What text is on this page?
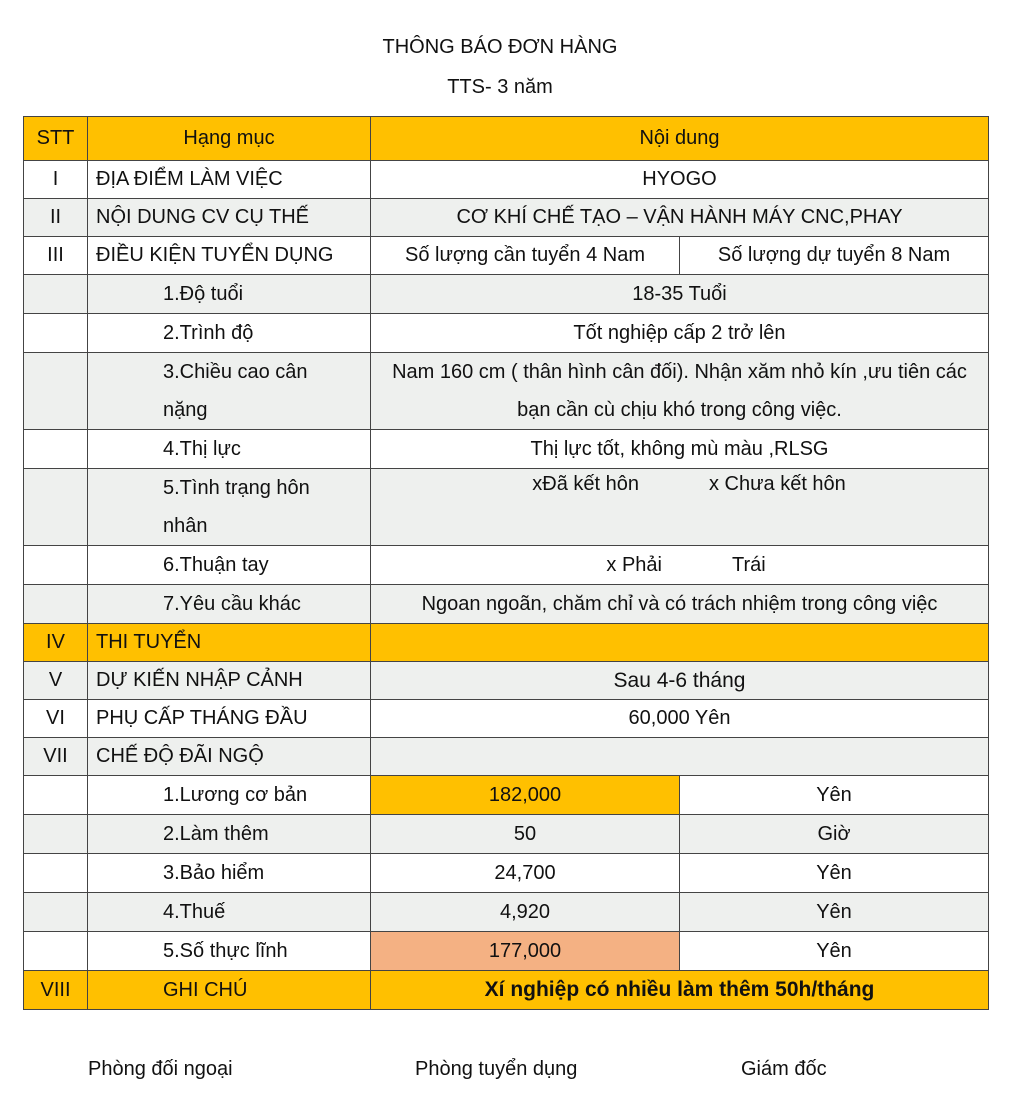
THÔNG BÁO ĐƠN HÀNG
TTS- 3 năm
STT	Hạng mục	Nội dung	
I	ĐỊA ĐIỂM LÀM VIỆC	HYOGO	
II	NỘI DUNG CV CỤ THẾ	CƠ KHÍ CHẾ TẠO – VẬN HÀNH MÁY CNC,PHAY	
III	ĐIỀU KIỆN TUYỂN DỤNG	Số lượng cần tuyển 4 Nam	Số lượng dự tuyển 8 Nam
	1.Độ tuổi	18-35 Tuổi	
	2.Trình độ	Tốt nghiệp cấp 2 trở lên	
	3.Chiều cao cân nặng	Nam 160 cm ( thân hình cân đối). Nhận xăm nhỏ kín ,ưu tiên các bạn cần cù chịu khó trong công việc.	
	4.Thị lực	Thị lực tốt, không mù màu ,RLSG	
	5.Tình trạng hôn nhân	xĐã kết hôn x Chưa kết hôn	
	6.Thuận tay	x Phải Trái	
	7.Yêu cầu khác	Ngoan ngoãn, chăm chỉ và có trách nhiệm trong công việc	
IV	THI TUYỂN		
V	DỰ KIẾN NHẬP CẢNH	Sau 4-6 tháng	
VI	PHỤ CẤP THÁNG ĐẦU	60,000 Yên	
VII	CHẾ ĐỘ ĐÃI NGỘ		
	1.Lương cơ bản	182,000	Yên
	2.Làm thêm	50	Giờ
	3.Bảo hiểm	24,700	Yên
	4.Thuế	4,920	Yên
	5.Số thực lĩnh	177,000	Yên
VIII	GHI CHÚ	Xí nghiệp có nhiều làm thêm 50h/tháng	
Phòng đối ngoại	Phòng tuyển dụng	Giám đốc
